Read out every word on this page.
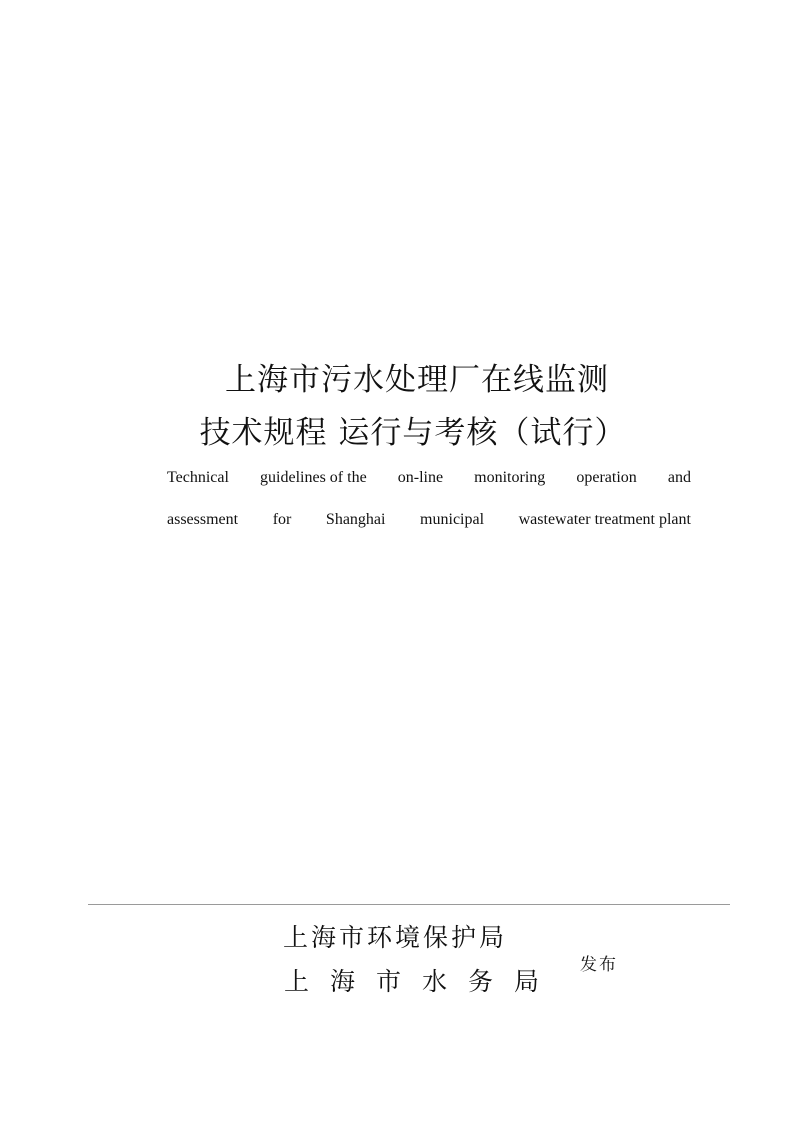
上海市污水处理厂在线监测
技术规程 运行与考核（试行）
Technical guidelines of the on-line monitoring operation and
assessment for Shanghai municipal wastewater treatment plant
上海市环境保护局
上海市水务局
发布
